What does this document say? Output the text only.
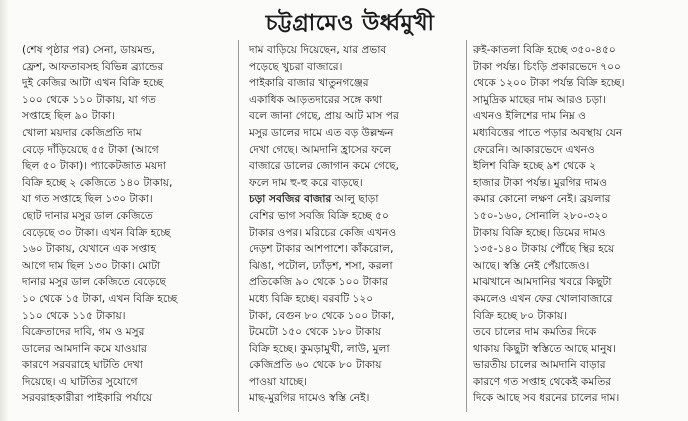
চট্টগ্রামেও উর্ধ্বমুখী
(শেষ পৃষ্ঠার পর) সেনা, ডায়মন্ড,
ফ্রেশ, আফতাবসহ বিভিন্ন ব্র্যান্ডের
দুই কেজির আটা এখন বিক্রি হচ্ছে
১০০ থেকে ১১০ টাকায়, যা গত
সপ্তাহে ছিল ৯০ টাকা।
খোলা ময়দার কেজিপ্রতি দাম
বেড়ে দাঁড়িয়েছে ৫৫ টাকা (আগে
ছিল ৫০ টাকা)। প্যাকেটজাত ময়দা
বিক্রি হচ্ছে ২ কেজিতে ১৪০ টাকায়,
যা গত সপ্তাহে ছিল ১৩০ টাকা।
ছোট দানার মসুর ডাল কেজিতে
বেড়েছে ৩০ টাকা। এখন বিক্রি হচ্ছে
১৬০ টাকায়, যেখানে এক সপ্তাহ
আগে দাম ছিল ১৩০ টাকা। মোটা
দানার মসুর ডাল কেজিতে বেড়েছে
১০ থেকে ১৫ টাকা, এখন বিক্রি হচ্ছে
১১০ থেকে ১১৫ টাকায়।
বিক্রেতাদের দাবি, গম ও মসুর
ডালের আমদানি কমে যাওয়ার
কারণে সরবরাহে ঘাটতি দেখা
দিয়েছে। এ ঘাটতির সুযোগে
সরবরাহকারীরা পাইকারি পর্যায়ে
দাম বাড়িয়ে দিয়েছেন, যার প্রভাব
পড়েছে খুচরা বাজারে।
পাইকারি বাজার খাতুনগঞ্জের
একাধিক আড়তদারের সঙ্গে কথা
বলে জানা গেছে, প্রায় আট মাস পর
মসুর ডালের দামে এত বড় উল্লম্ফন
দেখা গেছে। আমদানি হ্রাসের ফলে
বাজারে ডালের জোগান কমে গেছে,
ফলে দাম হু-হু করে বাড়ছে।
চড়া সবজির বাজার আলু ছাড়া
বেশির ভাগ সবজি বিক্রি হচ্ছে ৫০
টাকার ওপর। মরিচের কেজি এখনও
দেড়শ টাকার আশপাশে। কাঁকরোল,
ঝিঙা, পটোল, ঢ্যাঁড়শ, শসা, করলা
প্রতিকেজি ৯০ থেকে ১০০ টাকার
মধ্যে বিক্রি হচ্ছে। বরবটি ১২০
টাকা, বেগুন ৮০ থেকে ১০০ টাকা,
টমেটো ১৫০ থেকে ১৮০ টাকায়
বিক্রি হচ্ছে। কুমড়ামুখী, লাউ, মুলা
কেজিপ্রতি ৬০ থেকে ৮০ টাকায়
পাওয়া যাচ্ছে।
মাছ-মুরগির দামেও স্বস্তি নেই।
রুই-কাতলা বিক্রি হচ্ছে ৩৫০-৪৫০
টাকা পর্যন্ত। চিংড়ি প্রকারভেদে ৭০০
থেকে ১২০০ টাকা পর্যন্ত বিক্রি হচ্ছে।
সামুদ্রিক মাছের দাম আরও চড়া।
এখনও ইলিশের দাম নিম্ন ও
মধ্যবিত্তের পাতে পড়ার অবস্থায় যেন
ফেরেনি। আকারভেদে এখনও
ইলিশ বিক্রি হচ্ছে ৯শ থেকে ২
হাজার টাকা পর্যন্ত। মুরগির দামও
কমার কোনো লক্ষণ নেই। ব্রয়লার
১৫০-১৬০, সোনালি ২৮০-৩২০
টাকায় বিক্রি হচ্ছে। ডিমের দামও
১৩৫-১৪০ টাকায় পৌঁছে স্থির হয়ে
আছে। স্বস্তি নেই পেঁয়াজেও।
মাঝখানে আমদানির খবরে কিছুটা
কমলেও এখন ফের খোলাবাজারে
বিক্রি হচ্ছে ৮০ টাকায়।
তবে চালের দাম কমতির দিকে
থাকায় কিছুটা স্বস্তিতে আছে মানুষ।
ভারতীয় চালের আমদানি বাড়ার
কারণে গত সপ্তাহ থেকেই কমতির
দিকে আছে সব ধরনের চালের দাম।
